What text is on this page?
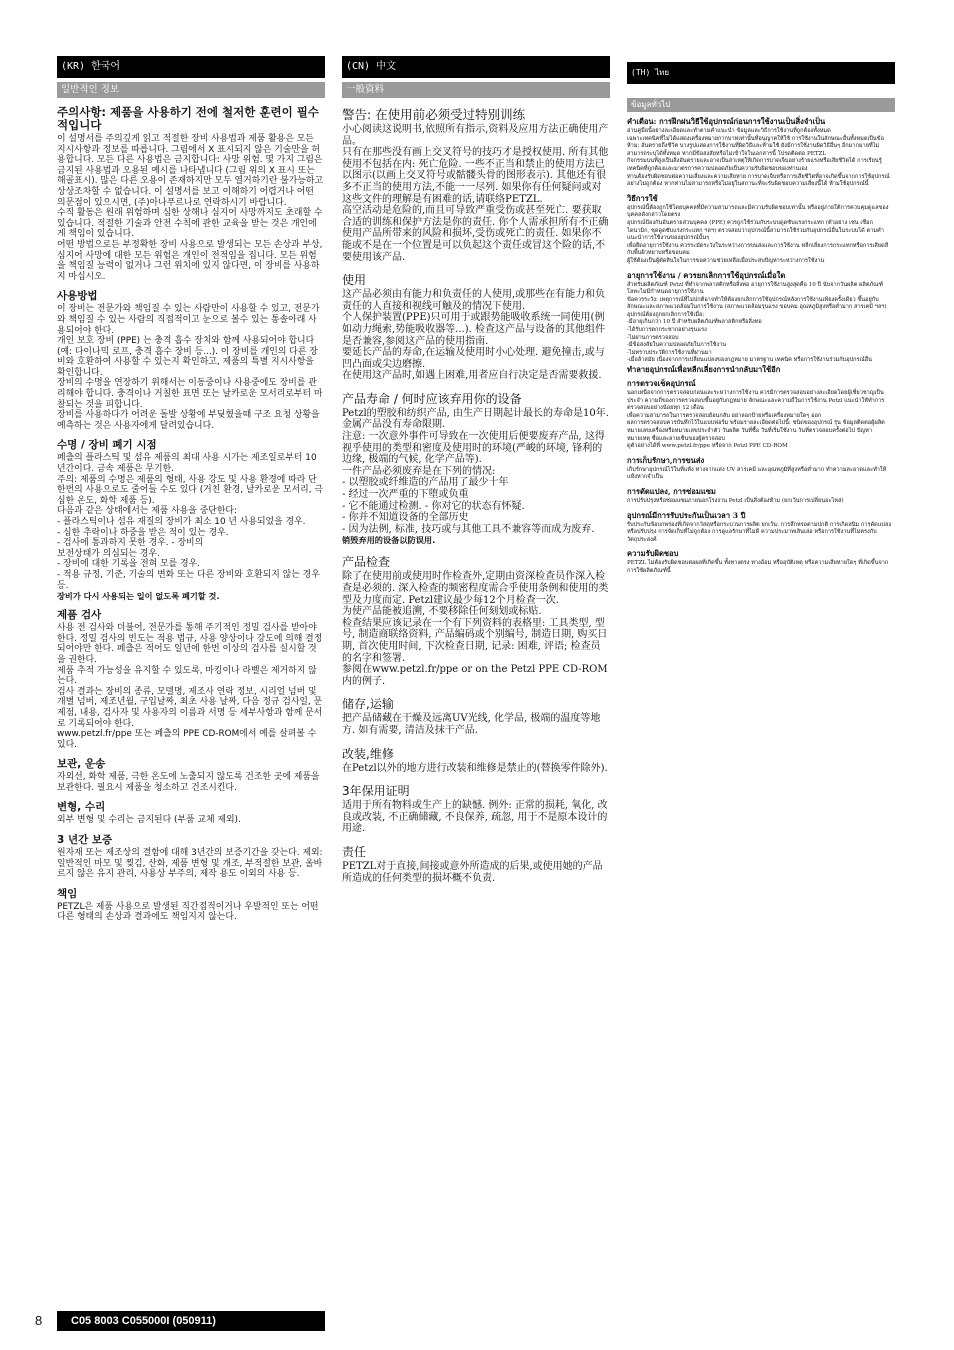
(KR) 한국어
일반적인 정보
주의사항: 제품을 사용하기 전에 철저한 훈련이 필수적입니다
이 설명서를 주의깊게 읽고 적절한 장비 사용법과 제품 활용은 모든 지시사항과 정보를 따릅니다. 그림에서 X 표시되지 않은 기술만을 허용합니다. 모든 다른 사용법은 금지합니다: 사망 위험. 몇 가지 그림은 금지된 사용법과 오용된 예시를 나타냅니다 (그림 위의 X 표시 또는 해골표시). 많은 다른 오용이 존재하지만 모두 열거하기란 불가능하고 상상조차할 수 없습니다. 이 설명서를 보고 이해하기 어렵거나 어떤 의문점이 있으시면, (주)아나푸르나로 연락하시기 바랍니다.
수직 활동은 원래 위험하며 심한 상해나 심지어 사망까지도 초래할 수 있습니다. 적절한 기술과 안전 수칙에 관한 교육을 받는 것은 개인에게 책임이 있습니다.
어떤 방법으로든 부정확한 장비 사용으로 발생되는 모든 손상과 부상, 심지어 사망에 대한 모든 위험은 개인이 전적임을 집니다. 모든 위험을 책임질 능력이 없거나 그런 위치에 있지 않다면, 이 장비를 사용하지 마십시오.
사용방법
이 장비는 전문가와 책임질 수 있는 사람만이 사용할 수 있고, 전문가와 책임질 수 있는 사람의 직접적이고 눈으로 볼수 있는 통솔아래 사용되어야 한다.
개인 보호 장비 (PPE) 는 충격 흡수 장치와 함께 사용되어야 합니다 (예: 다이나믹 로프, 충격 흡수 장비 등...). 이 장비를 개인의 다른 장비와 호환하여 사용할 수 있는지 확인하고, 제품의 특별 지시사항을 확인합니다.
장비의 수명을 연장하기 위해서는 이동중이나 사용중에도 장비를 관리해야 합니다. 충격이나 거칠한 표면 또는 날카로운 모서리로부터 마찰되는 것을 피합니다.
장비를 사용하다가 어려운 돌발 상황에 부딪혔을때 구조 요청 상황을 예측하는 것은 사용자에게 달려있습니다.
수명 / 장비 폐기 시점
페츨의 플라스틱 및 섬유 제품의 최대 사용 시가는 제조일로부터 10년간이다. 금속 제품은 무기한.
주의: 제품의 수명은 제품의 형태, 사용 강도 및 사용 환경에 따라 단 한번의 사용으로도 줄어들 수도 있다 (거친 환경, 날카로운 모서리, 극심한 온도, 화학 제품 등).
다음과 같은 상태에서는 제품 사용을 중단한다:
- 플라스틱이나 섬유 재질의 장비가 최소 10 년 사용되었을 경우.
- 심한 추락이나 하중을 받은 적이 있는 경우.
- 검사에 통과하지 못한 경우. - 장비의
보전상태가 의심되는 경우.
- 장비에 대한 기록을 전혀 모를 경우.
- 적용 규정, 기준, 기술의 변화 또는 다른 장비와 호환되지 않는 경우 등.
장비가 다시 사용되는 일이 없도록 폐기할 것.
제품 검사
사용 전 검사와 더불어, 전문가를 통해 주기적인 정밀 검사를 받아야 한다. 정밀 검사의 빈도는 적용 법규, 사용 양상이나 강도에 의해 결정되어야만 한다. 페츨은 적어도 일년에 한번 이상의 검사를 실시할 것을 권한다.
제품 추적 가능성을 유지할 수 있도록, 마킹이나 라벨은 제거하지 않는다.
검사 결과는 장비의 종류, 모델명, 제조사 연락 정보, 시리얼 넘버 및 개별 넘버, 제조년월, 구입날짜, 최초 사용 날짜, 다음 정규 검사일, 문제점, 내용, 검사자 및 사용자의 이름과 서명 등 세부사항과 함께 문서로 기록되어야 한다.
www.petzl.fr/ppe 또는 페츨의 PPE CD-ROM에서 예를 살펴볼 수 있다.
보관, 운송
자외선, 화학 제품, 극한 온도에 노출되지 않도록 건조한 곳에 제품을 보관한다. 필요시 제품을 청소하고 건조시킨다.
변형, 수리
외부 변형 및 수리는 금지된다 (부품 교체 제외).
3 년간 보증
원자재 또는 제조상의 결함에 대해 3년간의 보증기간을 갖는다. 제외: 일반적인 마모 및 찢김, 산화, 제품 변형 및 개조, 부적절한 보관, 올바르지 않은 유지 관리, 사용상 부주의, 제작 용도 이외의 사용 등.
책임
PETZL은 제품 사용으로 발생된 직간접적이거나 우발적인 또는 어떤 다른 형태의 손상과 결과에도 책임지지 않는다.
(CN) 中文
一般資料
警告: 在使用前必须受过特别训练
小心阅读这说明书,依照所有指示,资料及应用方法正确使用产品。
只有在那些没有画上交叉符号的技巧才是授权使用. 所有其他使用不包括在内: 死亡危险. 一些不正当和禁止的使用方法已以图示(以画上交叉符号或骷髅头骨的图形表示). 其他还有很多不正当的使用方法,不能一一尽列. 如果你有任何疑问或对这些文件的理解是有困难的话,请联络PETZL.
高空活动是危险的,而且可导致严重受伤或甚至死亡. 要获取合适的训练和保护方法是你的责任. 你个人需承担所有不正确使用产品所带来的风险和损坏,受伤或死亡的责任. 如果你不能或不是在一个位置是可以负起这个责任或冒这个险的话,不要使用该产品.
使用
这产品必须由有能力和负责任的人使用,或那些在有能力和负责任的人直接和视线可触及的情况下使用.
个人保护装置(PPE)只可用于或跟势能吸收系统一同使用(例如动力绳索,势能吸收器等...). 检查这产品与设备的其他组件是否兼容,参阅这产品的使用指南.
要延长产品的寿命,在运输及使用时小心处理. 避免撞击,或与凹凸面或尖边磨擦.
在使用这产品时,如遇上困难,用者应自行决定是否需要救援.
产品寿命 / 何时应该弃用你的设备
Petzl的塑胶和纺织产品, 由生产日期起计最长的寿命是10年. 金属产品没有寿命限期.
注意: 一次意外事件可导致在一次使用后便要废弃产品, 这得视乎使用的类型和密度及使用时的环境(严峻的环境, 锋利的边缘, 极端的气候, 化学产品等).
一件产品必须废弃是在下列的情况:
- 以塑胶或纤维造的产品用了最少十年
- 经过一次严重的下堕或负重
- 它不能通过检测. - 你对它的状态有怀疑.
- 你并不知道设备的全部历史
- 因为法例, 标准, 技巧或与其他工具不兼容等而成为废弃.
销毁弃用的设备以防误用.
产品检查
除了在使用前或使用时作检查外,定期由资深检查员作深入检查是必须的. 深入检查的频密程度需合乎使用条例和使用的类型及力度而定. Petzl建议最少每12个月检查一次.
为使产品能被追溯, 不要移除任何刻划或标贴.
检查结果应该记录在一个有下列资料的表格里: 工具类型, 型号, 制造商联络资料, 产品编码或个别编号, 制造日期, 购买日期, 首次使用时间, 下次检查日期, 记录: 困难, 评语; 检查员的名字和签署.
参阅在www.petzl.fr/ppe or on the Petzl PPE CD-ROM内的例子.
储存,运输
把产品储藏在干燥及远离UV光线, 化学品, 极端的温度等地方. 如有需要, 清洁及抹干产品.
改装,维修
在Petzl以外的地方进行改装和维修是禁止的(替换零件除外).
3年保用证明
适用于所有物料或生产上的缺憾. 例外: 正常的损耗, 氧化, 改良或改装, 不正确储藏, 不良保养, 疏忽, 用于不是原本设计的用途.
责任
PETZL对于直接,间接或意外所造成的后果,或使用她的产品所造成的任何类型的损坏概不负责.
(TH) ไทย
ข้อมูลทั่วไป
คำเตือน: การฝึกฝนวิธีใช้อุปกรณ์ก่อนการใช้งานเป็นสิ่งจำเป็น
อ่านคู่มือนี้อย่างละเอียดและทำตามคำแนะนำ ข้อมูลและวิธีการใช้งานที่ถูกต้องทั้งหมด
เฉพาะเทคนิคที่ไม่ได้แสดงเครื่องหมายกากบาทเท่านั้นที่อนุญาตให้ใช้ การใช้งานในลักษณะอื่นทั้งหมดเป็นข้อห้าม: อันตรายถึงชีวิต บางรูปแสดงการใช้งานที่ผิดวิธีและห้ามใช้ ยังมีการใช้งานผิดวิธีอื่นๆ อีกมากมายที่ไม่สามารถระบุได้ทั้งหมด หากมีข้อสงสัยหรือไม่เข้าใจในเอกสารนี้ โปรดติดต่อ PETZL
กิจกรรมบนที่สูงเป็นสิ่งอันตรายและอาจเป็นสาเหตุให้เกิดการบาดเจ็บอย่างร้ายแรงหรือเสียชีวิตได้ การเรียนรู้เทคนิคที่ถูกต้องและมาตรการความปลอดภัยเป็นความรับผิดชอบของท่านเอง
ท่านต้องรับผิดชอบต่อความเสี่ยงและความเสียหาย การบาดเจ็บหรือการเสียชีวิตที่อาจเกิดขึ้นจากการใช้อุปกรณ์อย่างไม่ถูกต้อง หากท่านไม่สามารถหรือไม่อยู่ในสถานะที่จะรับผิดชอบความเสี่ยงนี้ได้ ห้ามใช้อุปกรณ์นี้
วิธีการใช้
อุปกรณ์นี้ต้องถูกใช้โดยบุคคลที่มีความสามารถและมีความรับผิดชอบเท่านั้น หรืออยู่ภายใต้การควบคุมดูแลของบุคคลดังกล่าวโดยตรง
อุปกรณ์ป้องกันอันตรายส่วนบุคคล (PPE) ควรถูกใช้ร่วมกับระบบดูดซับแรงกระแทก (ตัวอย่าง เช่น เชือกไดนามิก, ชุดดูดซับแรงกระแทก ฯลฯ) ตรวจสอบว่าอุปกรณ์นี้สามารถใช้ร่วมกับอุปกรณ์อื่นในระบบได้ ตามคำแนะนำการใช้งานของอุปกรณ์นั้นๆ
เพื่อยืดอายุการใช้งาน ควรระมัดระวังในระหว่างการขนส่งและการใช้งาน หลีกเลี่ยงการกระแทกหรือการเสียดสีกับพื้นผิวหยาบหรือขอบคม
ผู้ใช้ต้องเป็นผู้ตัดสินใจในการขอความช่วยเหลือเมื่อประสบปัญหาระหว่างการใช้งาน
อายุการใช้งาน / ควรยกเลิกการใช้อุปกรณ์เมื่อใด
สำหรับผลิตภัณฑ์ Petzl ที่ทำจากพลาสติกหรือสิ่งทอ อายุการใช้งานสูงสุดคือ 10 ปี นับจากวันผลิต ผลิตภัณฑ์โลหะไม่มีกำหนดอายุการใช้งาน
ข้อควรระวัง: เหตุการณ์ที่ไม่ปกติอาจทำให้ต้องยกเลิกการใช้อุปกรณ์หลังการใช้งานเพียงครั้งเดียว ขึ้นอยู่กับลักษณะและสภาพแวดล้อมในการใช้งาน (สภาพแวดล้อมรุนแรง ขอบคม อุณหภูมิสูงหรือต่ำมาก สารเคมี ฯลฯ)
อุปกรณ์ต้องถูกยกเลิกการใช้เมื่อ:
-มีอายุเกินกว่า 10 ปี สำหรับผลิตภัณฑ์พลาสติกหรือสิ่งทอ
-ได้รับการตกกระชากอย่างรุนแรง
-ไม่ผ่านการตรวจสอบ
-มีข้อสงสัยในความปลอดภัยในการใช้งาน
-ไม่ทราบประวัติการใช้งานที่ผ่านมา
-เมื่อล้าสมัย เนื่องจากการเปลี่ยนแปลงของกฎหมาย มาตรฐาน เทคนิค หรือการใช้งานร่วมกับอุปกรณ์อื่น
ทำลายอุปกรณ์เพื่อหลีกเลี่ยงการนำกลับมาใช้อีก
การตรวจเช็คอุปกรณ์
นอกเหนือจากการตรวจสอบก่อนและระหว่างการใช้งาน ควรมีการตรวจสอบอย่างละเอียดโดยผู้เชี่ยวชาญเป็นประจำ ความถี่ของการตรวจสอบขึ้นอยู่กับกฎหมาย ลักษณะและความถี่ในการใช้งาน Petzl แนะนำให้ทำการตรวจสอบอย่างน้อยทุก 12 เดือน
เพื่อความสามารถในการตรวจสอบย้อนกลับ อย่าลอกป้ายหรือเครื่องหมายใดๆ ออก
ผลการตรวจสอบควรบันทึกไว้ในแบบฟอร์ม พร้อมรายละเอียดต่อไปนี้: ชนิดของอุปกรณ์ รุ่น ข้อมูลติดต่อผู้ผลิต หมายเลขเครื่องหรือหมายเลขประจำตัว วันผลิต วันที่ซื้อ วันที่เริ่มใช้งาน วันที่ตรวจสอบครั้งต่อไป ปัญหา หมายเหตุ ชื่อและลายเซ็นของผู้ตรวจสอบ
ดูตัวอย่างได้ที่ www.petzl.fr/ppe หรือจาก Petzl PPE CD-ROM
การเก็บรักษา,การขนส่ง
เก็บรักษาอุปกรณ์ไว้ในที่แห้ง ห่างจากแสง UV สารเคมี และอุณหภูมิที่สูงหรือต่ำมาก ทำความสะอาดและทำให้แห้งหากจำเป็น
การดัดแปลง, การซ่อมแซม
การปรับปรุงหรือซ่อมแซมภายนอกโรงงาน Petzl เป็นสิ่งต้องห้าม (ยกเว้นการเปลี่ยนอะไหล่)
อุปกรณ์มีการรับประกันเป็นเวลา 3 ปี
รับประกันข้อบกพร่องที่เกิดจากวัสดุหรือกระบวนการผลิต ยกเว้น: การสึกหรอตามปกติ การเกิดสนิม การดัดแปลงหรือปรับปรุง การจัดเก็บที่ไม่ถูกต้อง การดูแลรักษาที่ไม่ดี ความประมาทเลินเล่อ หรือการใช้งานที่ไม่ตรงกับวัตถุประสงค์
ความรับผิดชอบ
PETZL ไม่ต้องรับผิดชอบต่อผลที่เกิดขึ้น ทั้งทางตรง ทางอ้อม หรืออุบัติเหตุ หรือความเสียหายใดๆ ที่เกิดขึ้นจากการใช้ผลิตภัณฑ์นี้
8	C05 8003 C055000I (050911)
